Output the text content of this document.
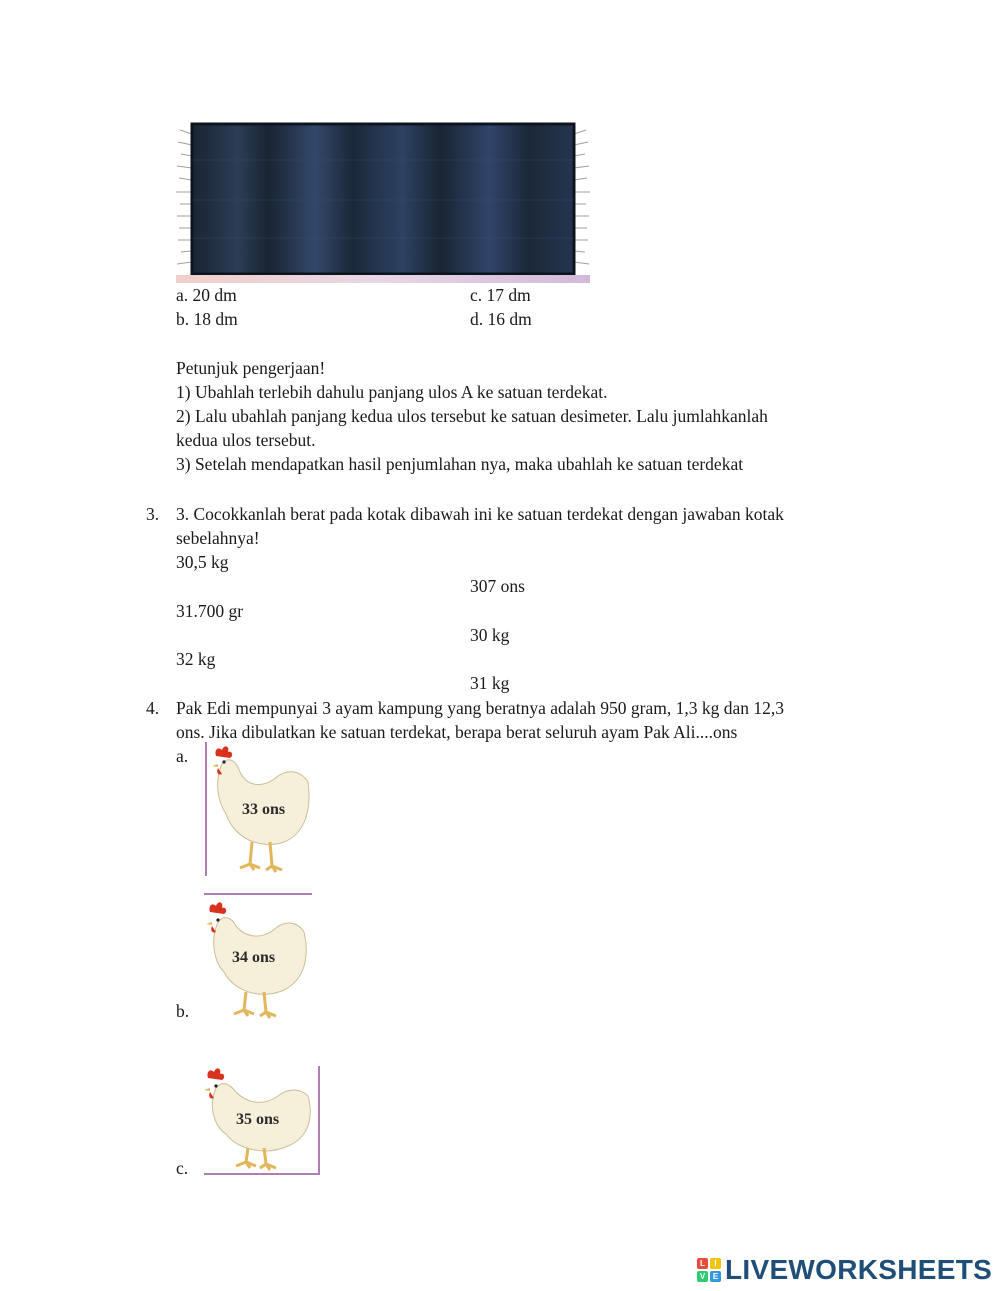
a. 20 dm	c. 17 dm
b. 18 dm	d. 16 dm
Petunjuk pengerjaan!
1) Ubahlah terlebih dahulu panjang ulos A ke satuan terdekat.
2) Lalu ubahlah panjang kedua ulos tersebut ke satuan desimeter. Lalu jumlahkanlah
kedua ulos tersebut.
3) Setelah mendapatkan hasil penjumlahan nya, maka ubahlah ke satuan terdekat
3. 3. Cocokkanlah berat pada kotak dibawah ini ke satuan terdekat dengan jawaban kotak
sebelahnya!
30,5 kg
307 ons
31.700 gr
30 kg
32 kg
31 kg
4. Pak Edi mempunyai 3 ayam kampung yang beratnya adalah 950 gram, 1,3 kg dan 12,3
ons. Jika dibulatkan ke satuan terdekat, berapa berat seluruh ayam Pak Ali....ons
a.
33 ons
b.
34 ons
c.
35 ons
L	I
V E LIVEWORKSHEETS
